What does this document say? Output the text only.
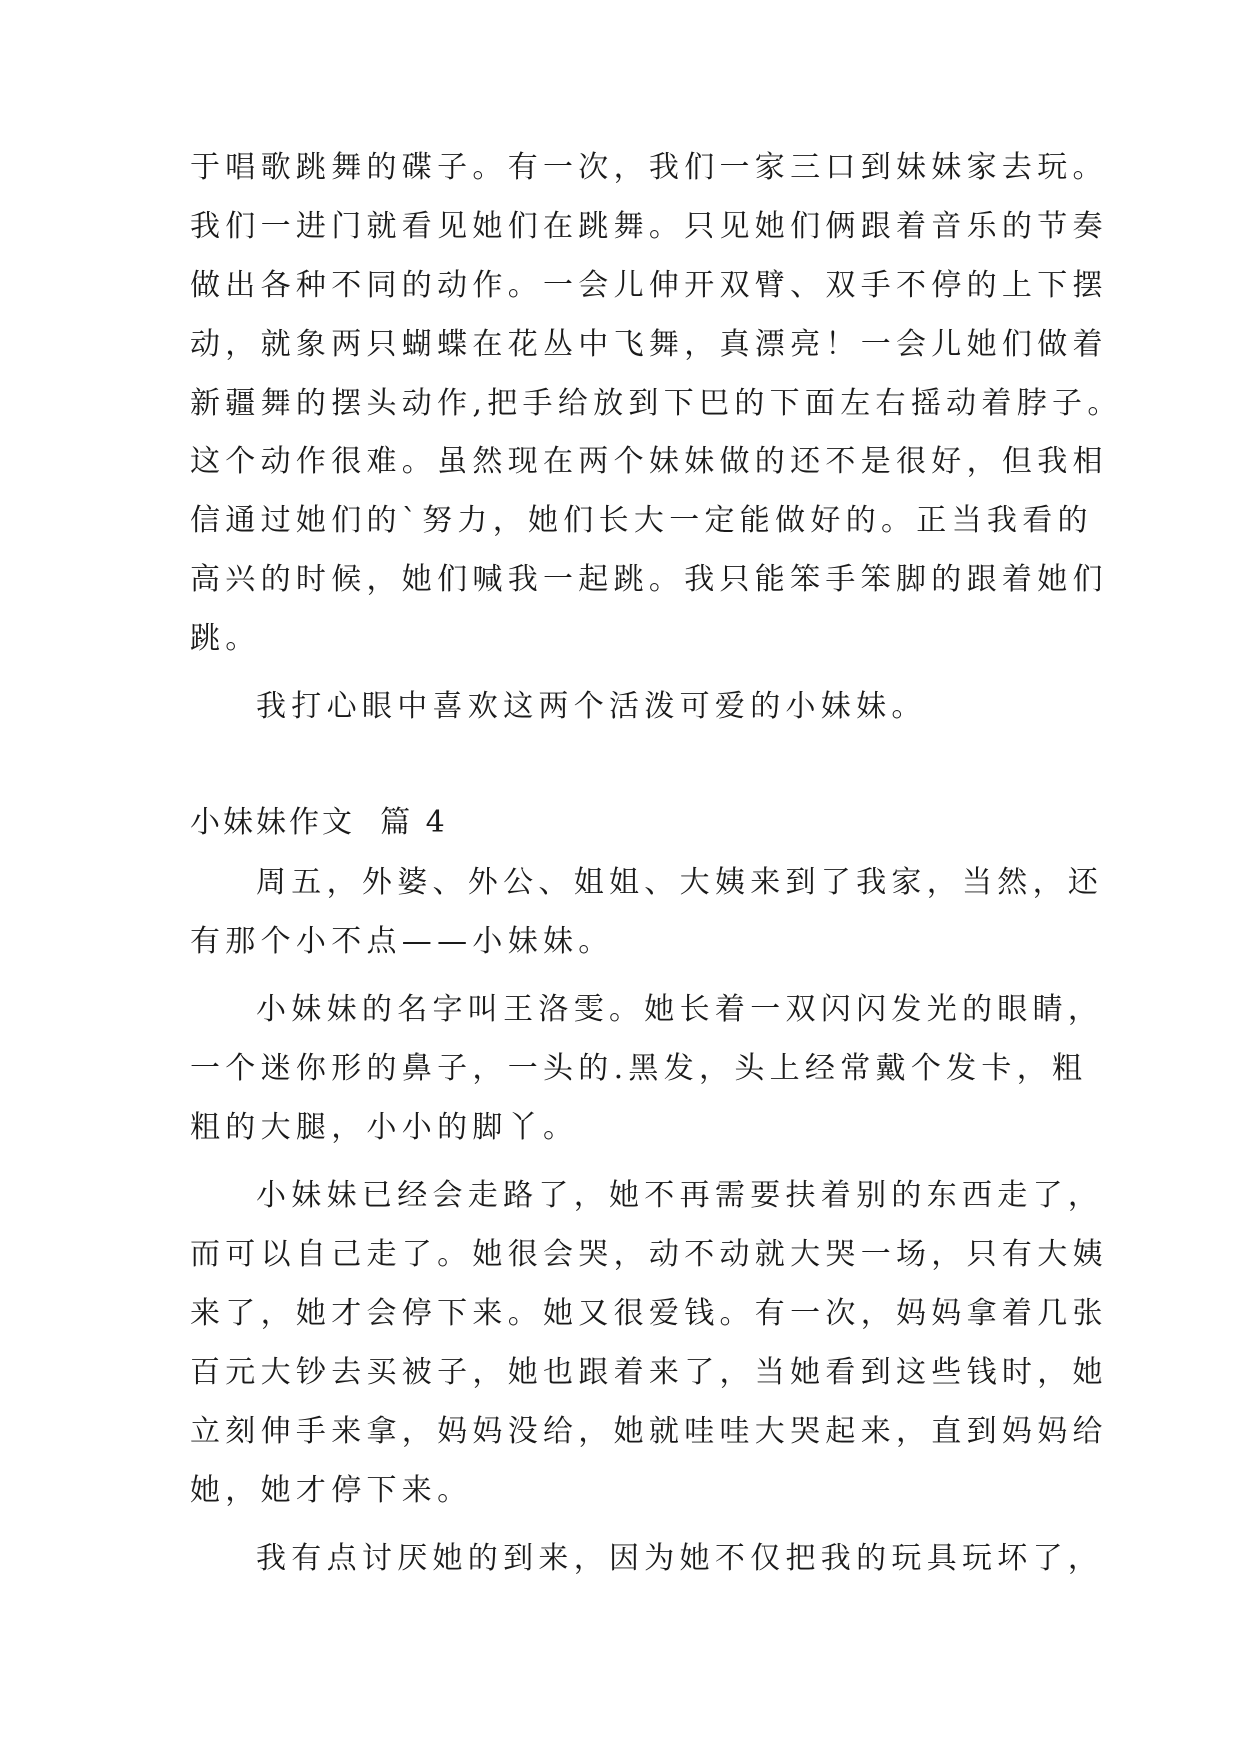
于唱歌跳舞的碟子。有一次，我们一家三口到妹妹家去玩。
我们一进门就看见她们在跳舞。只见她们俩跟着音乐的节奏
做出各种不同的动作。一会儿伸开双臂、双手不停的上下摆
动，就象两只蝴蝶在花丛中飞舞，真漂亮！一会儿她们做着
新疆舞的摆头动作,把手给放到下巴的下面左右摇动着脖子。
这个动作很难。虽然现在两个妹妹做的还不是很好，但我相
信通过她们的`努力，她们长大一定能做好的。正当我看的
高兴的时候，她们喊我一起跳。我只能笨手笨脚的跟着她们
跳。
我打心眼中喜欢这两个活泼可爱的小妹妹。
小妹妹作文  篇 4
周五，外婆、外公、姐姐、大姨来到了我家，当然，还
有那个小不点——小妹妹。
小妹妹的名字叫王洛雯。她长着一双闪闪发光的眼睛，
一个迷你形的鼻子，一头的.黑发，头上经常戴个发卡，粗
粗的大腿，小小的脚丫。
小妹妹已经会走路了，她不再需要扶着别的东西走了，
而可以自己走了。她很会哭，动不动就大哭一场，只有大姨
来了，她才会停下来。她又很爱钱。有一次，妈妈拿着几张
百元大钞去买被子，她也跟着来了，当她看到这些钱时，她
立刻伸手来拿，妈妈没给，她就哇哇大哭起来，直到妈妈给
她，她才停下来。
我有点讨厌她的到来，因为她不仅把我的玩具玩坏了，
